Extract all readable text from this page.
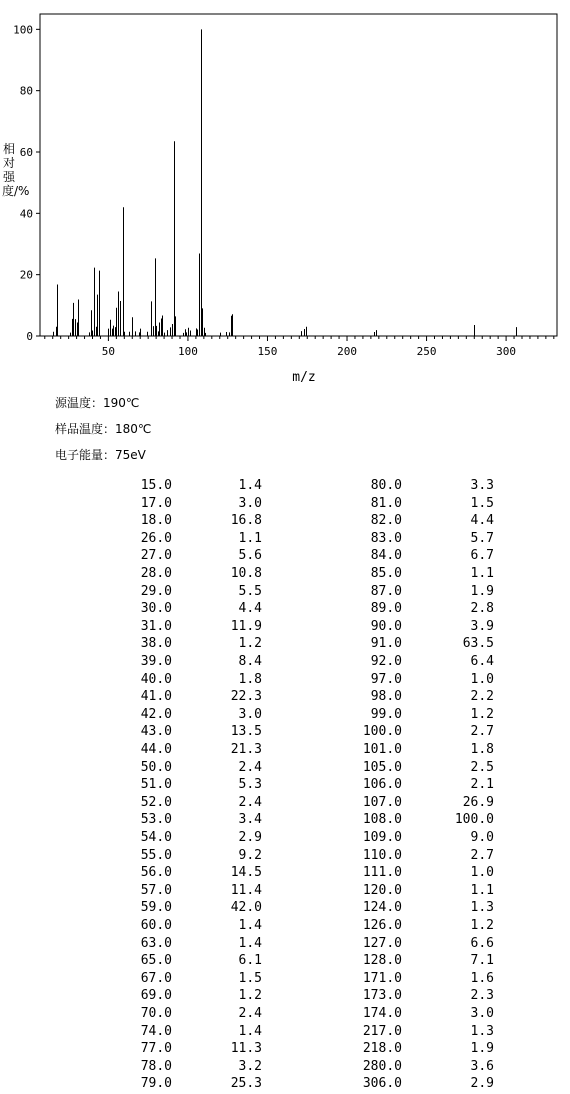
0
20
40
60
80
100
50	100	150	200	250	300
m/z
相对强度/%
源温度：190℃
样品温度：180℃
电子能量：75eV
15.0	1.4	80.0	3.3
17.0	3.0	81.0	1.5
18.0	16.8	82.0	4.4
26.0	1.1	83.0	5.7
27.0	5.6	84.0	6.7
28.0	10.8	85.0	1.1
29.0	5.5	87.0	1.9
30.0	4.4	89.0	2.8
31.0	11.9	90.0	3.9
38.0	1.2	91.0	63.5
39.0	8.4	92.0	6.4
40.0	1.8	97.0	1.0
41.0	22.3	98.0	2.2
42.0	3.0	99.0	1.2
43.0	13.5	100.0	2.7
44.0	21.3	101.0	1.8
50.0	2.4	105.0	2.5
51.0	5.3	106.0	2.1
52.0	2.4	107.0	26.9
53.0	3.4	108.0	100.0
54.0	2.9	109.0	9.0
55.0	9.2	110.0	2.7
56.0	14.5	111.0	1.0
57.0	11.4	120.0	1.1
59.0	42.0	124.0	1.3
60.0	1.4	126.0	1.2
63.0	1.4	127.0	6.6
65.0	6.1	128.0	7.1
67.0	1.5	171.0	1.6
69.0	1.2	173.0	2.3
70.0	2.4	174.0	3.0
74.0	1.4	217.0	1.3
77.0	11.3	218.0	1.9
78.0	3.2	280.0	3.6
79.0	25.3	306.0	2.9
